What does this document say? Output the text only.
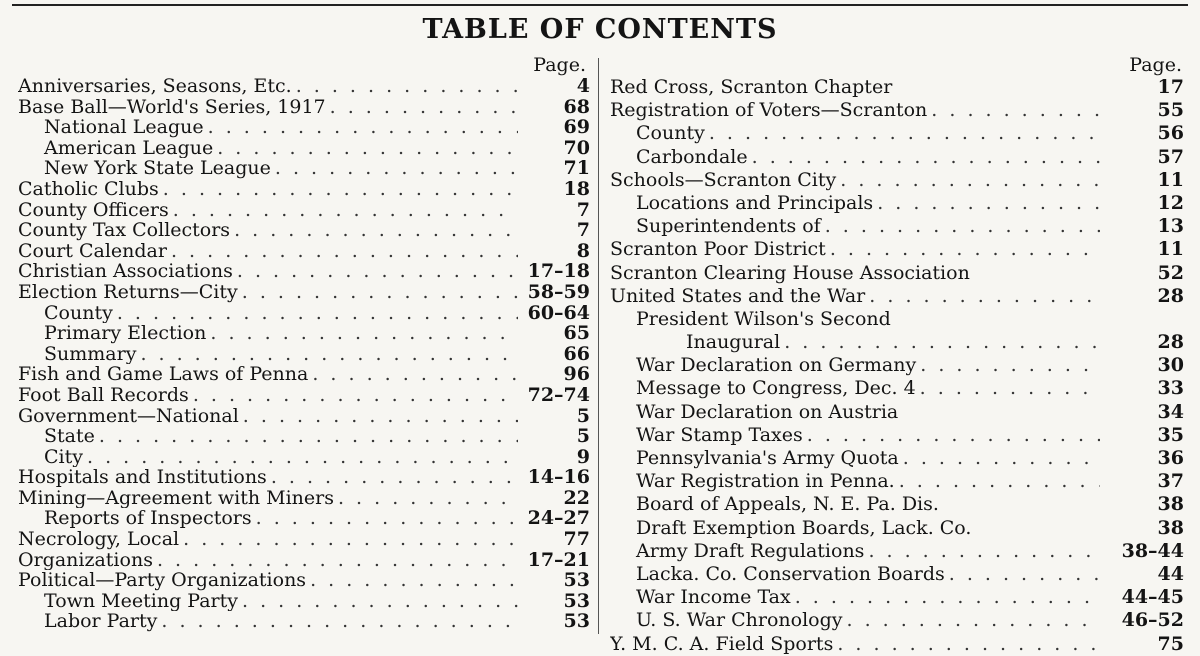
TABLE OF CONTENTS
Page.
Anniversaries, Seasons, Etc. . . .	4
Base Ball—World's Series, 1917 . . .	68
National League . . .	69
American League . . .	70
New York State League . . .	71
Catholic Clubs . . .	18
County Officers . . .	7
County Tax Collectors . . .	7
Court Calendar . . .	8
Christian Associations . . .	17–18
Election Returns—City . . .	58–59
County . . .	60–64
Primary Election . . .	65
Summary . . .	66
Fish and Game Laws of Penna . . .	96
Foot Ball Records . . .	72–74
Government—National . . .	5
State . . .	5
City . . .	9
Hospitals and Institutions . . .	14–16
Mining—Agreement with Miners . . .	22
Reports of Inspectors . . .	24–27
Necrology, Local . . .	77
Organizations . . .	17–21
Political—Party Organizations . . .	53
Town Meeting Party . . .	53
Labor Party . . .	53
Page.
Red Cross, Scranton Chapter	17
Registration of Voters—Scranton . . .	55
County . . .	56
Carbondale . . .	57
Schools—Scranton City . . .	11
Locations and Principals . . .	12
Superintendents of . . .	13
Scranton Poor District . . .	11
Scranton Clearing House Association	52
United States and the War . . .	28
President Wilson's Second
Inaugural . . .	28
War Declaration on Germany . . .	30
Message to Congress, Dec. 4 . . .	33
War Declaration on Austria	34
War Stamp Taxes . . .	35
Pennsylvania's Army Quota . . .	36
War Registration in Penna. . . .	37
Board of Appeals, N. E. Pa. Dis.	38
Draft Exemption Boards, Lack. Co.	38
Army Draft Regulations . . .	38–44
Lacka. Co. Conservation Boards . . .	44
War Income Tax . . .	44–45
U. S. War Chronology . . .	46–52
Y. M. C. A. Field Sports . . .	75
